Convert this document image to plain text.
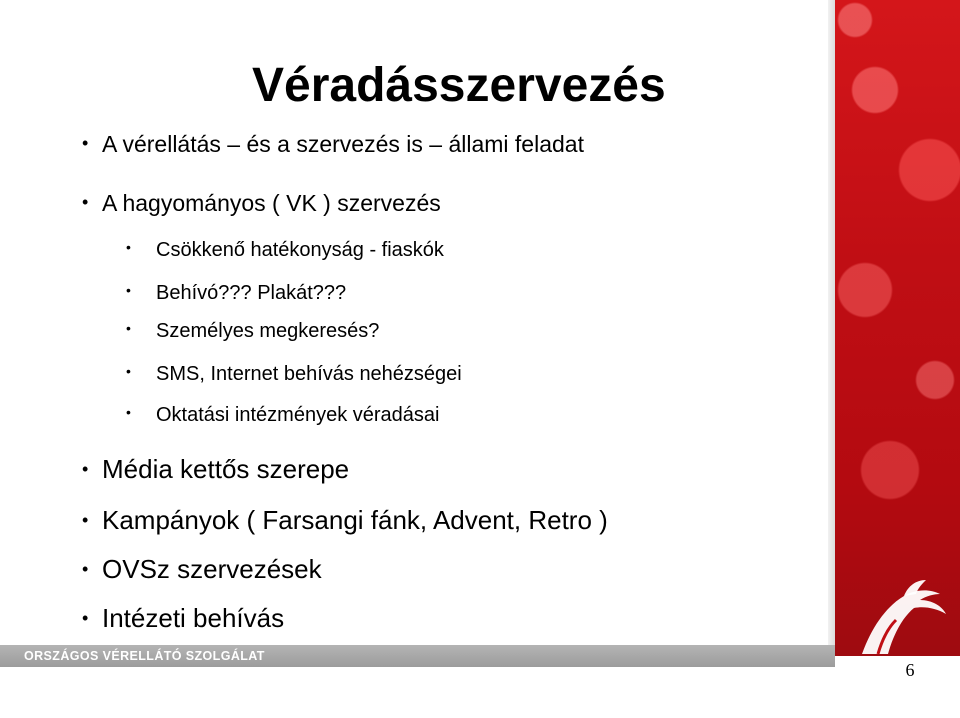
Véradásszervezés
• A vérellátás – és a szervezés is – állami feladat
• A hagyományos ( VK ) szervezés
• Csökkenő hatékonyság - fiaskók
• Behívó??? Plakát???
• Személyes megkeresés?
• SMS, Internet behívás nehézségei
• Oktatási intézmények véradásai
• Média kettős szerepe
• Kampányok ( Farsangi fánk, Advent, Retro )
• OVSz szervezések
• Intézeti behívás
ORSZÁGOS VÉRELLÁTÓ SZOLGÁLAT
6
